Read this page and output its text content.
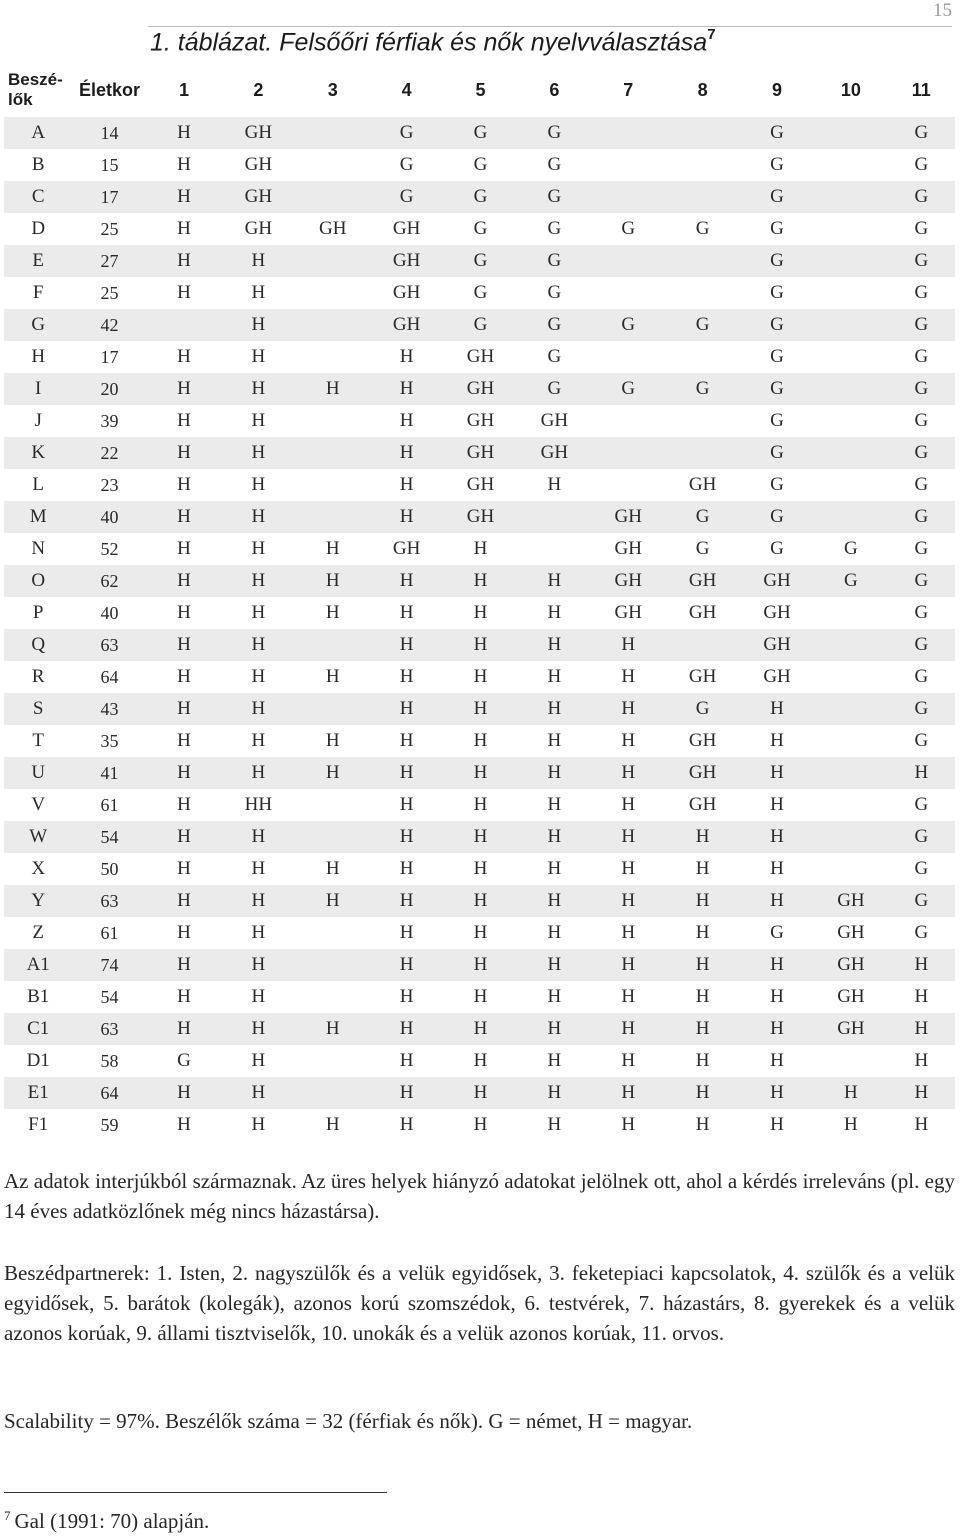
15
1. táblázat. Felsőőri férfiak és nők nyelvválasztása$^7$
Beszé-lők	Életkor	1	2	3	4	5	6	7	8	9	10	11
A	14	H	GH		G	G	G			G		G
B	15	H	GH		G	G	G			G		G
C	17	H	GH		G	G	G			G		G
D	25	H	GH	GH	GH	G	G	G	G	G		G
E	27	H	H		GH	G	G			G		G
F	25	H	H		GH	G	G			G		G
G	42		H		GH	G	G	G	G	G		G
H	17	H	H		H	GH	G			G		G
I	20	H	H	H	H	GH	G	G	G	G		G
J	39	H	H		H	GH	GH			G		G
K	22	H	H		H	GH	GH			G		G
L	23	H	H		H	GH	H		GH	G		G
M	40	H	H		H	GH		GH	G	G		G
N	52	H	H	H	GH	H		GH	G	G	G	G
O	62	H	H	H	H	H	H	GH	GH	GH	G	G
P	40	H	H	H	H	H	H	GH	GH	GH		G
Q	63	H	H		H	H	H	H		GH		G
R	64	H	H	H	H	H	H	H	GH	GH		G
S	43	H	H		H	H	H	H	G	H		G
T	35	H	H	H	H	H	H	H	GH	H		G
U	41	H	H	H	H	H	H	H	GH	H		H
V	61	H	HH		H	H	H	H	GH	H		G
W	54	H	H		H	H	H	H	H	H		G
X	50	H	H	H	H	H	H	H	H	H		G
Y	63	H	H	H	H	H	H	H	H	H	GH	G
Z	61	H	H		H	H	H	H	H	G	GH	G
A1	74	H	H		H	H	H	H	H	H	GH	H
B1	54	H	H		H	H	H	H	H	H	GH	H
C1	63	H	H	H	H	H	H	H	H	H	GH	H
D1	58	G	H		H	H	H	H	H	H		H
E1	64	H	H		H	H	H	H	H	H	H	H
F1	59	H	H	H	H	H	H	H	H	H	H	H

Az adatok interjúkból származnak. Az üres helyek hiányzó adatokat jelölnek ott, ahol a kérdés irreleváns (pl. egy 14 éves adatközlőnek még nincs házastársa).

Beszédpartnerek: 1. Isten, 2. nagyszülők és a velük egyidősek, 3. feketepiaci kapcsolatok, 4. szülők és a velük egyidősek, 5. barátok (kolegák), azonos korú szomszédok, 6. testvérek, 7. házastárs, 8. gyerekek és a velük azonos korúak, 9. állami tisztviselők, 10. unokák és a velük azonos korúak, 11. orvos.

Scalability = 97%. Beszélők száma = 32 (férfiak és nők). G = német, H = magyar.

$^7$ Gal (1991: 70) alapján.
